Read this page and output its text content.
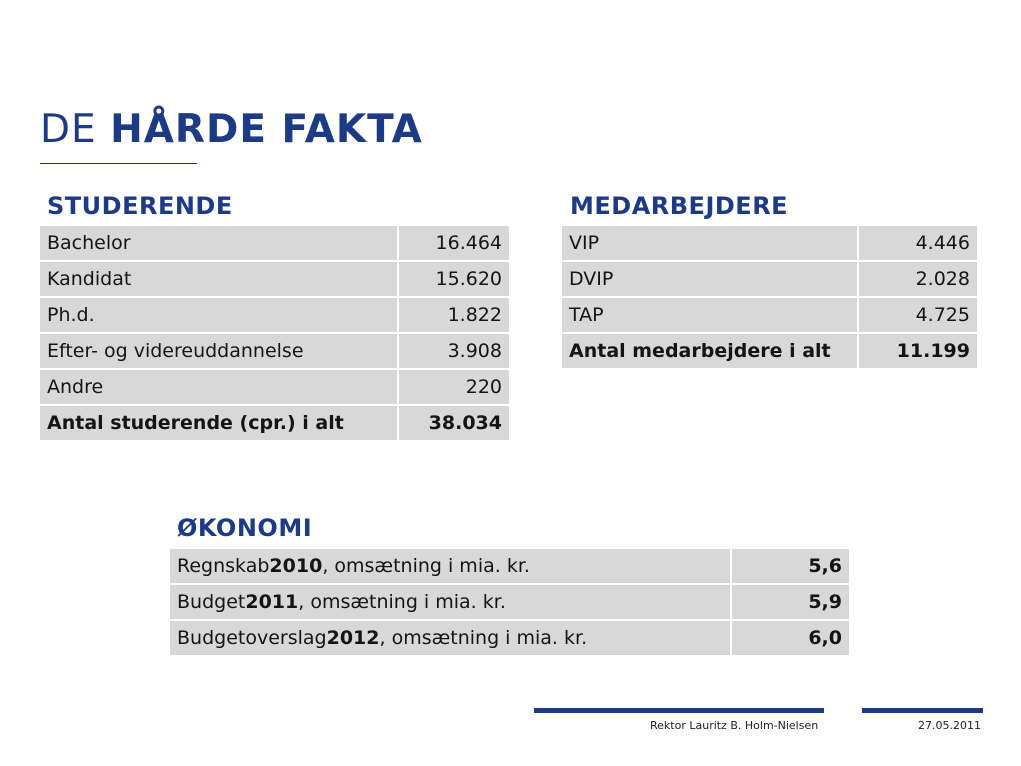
DE HÅRDE FAKTA
STUDERENDE
Bachelor	16.464
Kandidat	15.620
Ph.d.	1.822
Efter- og videreuddannelse	3.908
Andre	220
Antal studerende (cpr.) i alt	38.034
MEDARBEJDERE
VIP	4.446
DVIP	2.028
TAP	4.725
Antal medarbejdere i alt	11.199
ØKONOMI
Regnskab 2010 , omsætning i mia. kr.	5,6
Budget 2011 , omsætning i mia. kr.	5,9
Budgetoverslag 2012 , omsætning i mia. kr.	6,0
Rektor Lauritz B. Holm-Nielsen	27.05.2011
